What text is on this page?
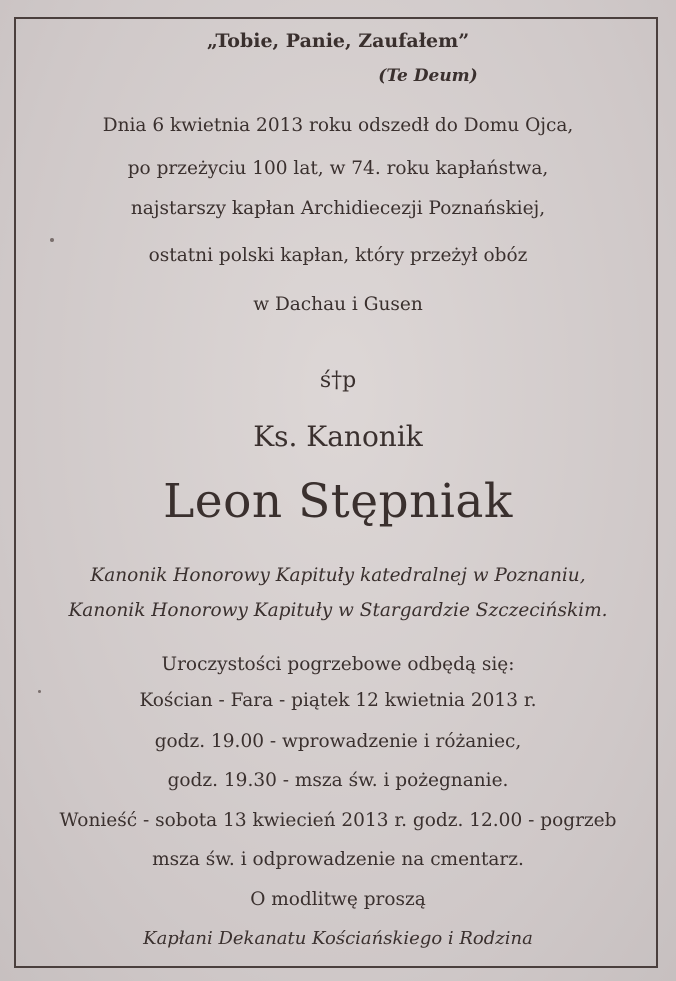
„Tobie, Panie, Zaufałem”
(Te Deum)
Dnia 6 kwietnia 2013 roku odszedł do Domu Ojca,
po przeżyciu 100 lat, w 74. roku kapłaństwa,
najstarszy kapłan Archidiecezji Poznańskiej,
ostatni polski kapłan, który przeżył obóz
w Dachau i Gusen
ś†p
Ks. Kanonik
Leon Stępniak
Kanonik Honorowy Kapituły katedralnej w Poznaniu,
Kanonik Honorowy Kapituły w Stargardzie Szczecińskim.
Uroczystości pogrzebowe odbędą się:
Kościan - Fara - piątek 12 kwietnia 2013 r.
godz. 19.00 - wprowadzenie i różaniec,
godz. 19.30 - msza św. i pożegnanie.
Wonieść - sobota 13 kwiecień 2013 r. godz. 12.00 - pogrzeb
msza św. i odprowadzenie na cmentarz.
O modlitwę proszą
Kapłani Dekanatu Kościańskiego i Rodzina
